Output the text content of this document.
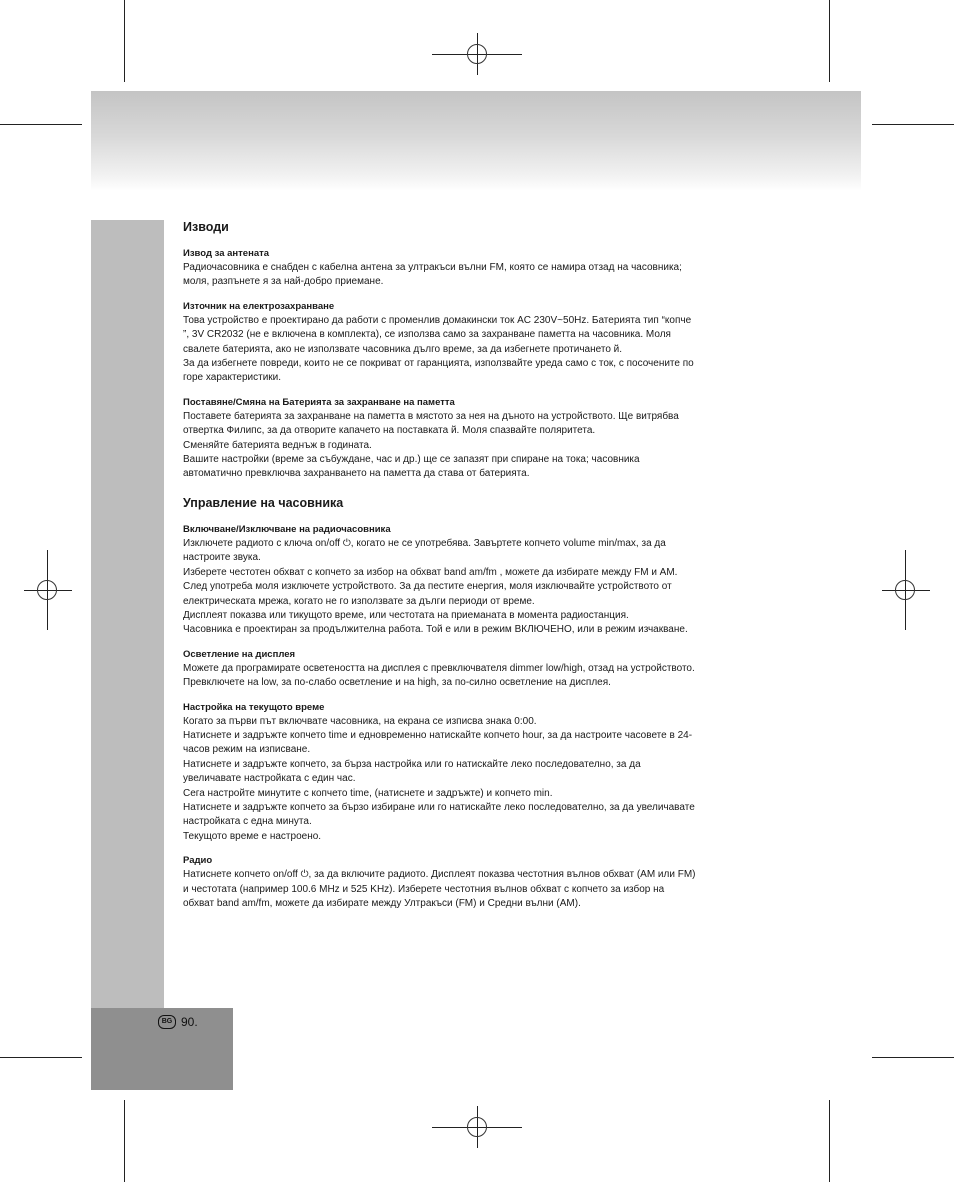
BG 90.
Изводи
Извод за антената

Радиочасовника е снабден с кабелна антена за ултракъси вълни FM, която се намира отзад на часовника;

моля, разпънете я за най-добро приемане.

Източник на електрозахранване

Това устройство е проектирано да работи с променлив домакински ток AC 230V~50Hz. Батерията тип “копче

”, 3V CR2032 (не е включена в комплекта), се използва само за захранване паметта на часовника. Моля

свалете батерията, ако не използвате часовника дълго време, за да избегнете протичането й.

За да избегнете повреди, които не се покриват от гаранцията, използвайте уреда само с ток, с посочените по

горе характеристики.

Поставяне/Смяна на Батерията за захранване на паметта

Поставете батерията за захранване на паметта в мястото за нея на дъното на устройството. Ще витрябва

отвертка Филипс, за да отворите капачето на поставката й. Моля спазвайте поляритета.

Сменяйте батерията веднъж в годината.

Вашите настройки (време за събуждане, час и др.) ще се запазят при спиране на тока; часовника

автоматично превключва захранването на паметта да става от батерията.

Управление на часовника
Включване/Изключване на радиочасовника

Изключете радиото с ключа on/off ⏻, когато не се употребява. Завъртете копчето volume min/max, за да

настроите звука.

Изберете честотен обхват с копчето за избор на обхват band am/fm , можете да избирате между FM и AM.

След употреба моля изключете устройството. За да пестите енергия, моля изключвайте устройството от

електрическата мрежа, когато не го използвате за дълги периоди от време.

Дисплеят показва или тикущото време, или честотата на приеманата в момента радиостанция.

Часовника е проектиран за продължителна работа. Той е или в режим ВКЛЮЧЕНО, или в режим изчакване.

Осветление на дисплея

Можете да програмирате осветеността на дисплея с превключвателя dimmer low/high, отзад на устройството.

Превключете на low, за по-слабо осветление и на high, за по-силно осветление на дисплея.

Настройка на текущото време

Когато за първи път включвате часовника, на екрана се изписва знака 0:00.

Натиснете и задръжте копчето time и едновременно натискайте копчето hour, за да настроите часовете в 24-

часов режим на изписване.

Натиснете и задръжте копчето, за бърза настройка или го натискайте леко последователно, за да

увеличавате настройката с един час.

Сега настройте минутите с копчето time, (натиснете и задръжте) и копчето min.

Натиснете и задръжте копчето за бързо избиране или го натискайте леко последователно, за да увеличавате

настройката с една минута.

Текущото време е настроено.

Радио

Натиснете копчето on/off ⏻, за да включите радиото. Дисплеят показва честотния вълнов обхват (AM или FM)

и честотата (например 100.6 MHz и 525 KHz). Изберете честотния вълнов обхват с копчето за избор на

обхват band am/fm, можете да избирате между Ултракъси (FM) и Средни вълни (AM).
